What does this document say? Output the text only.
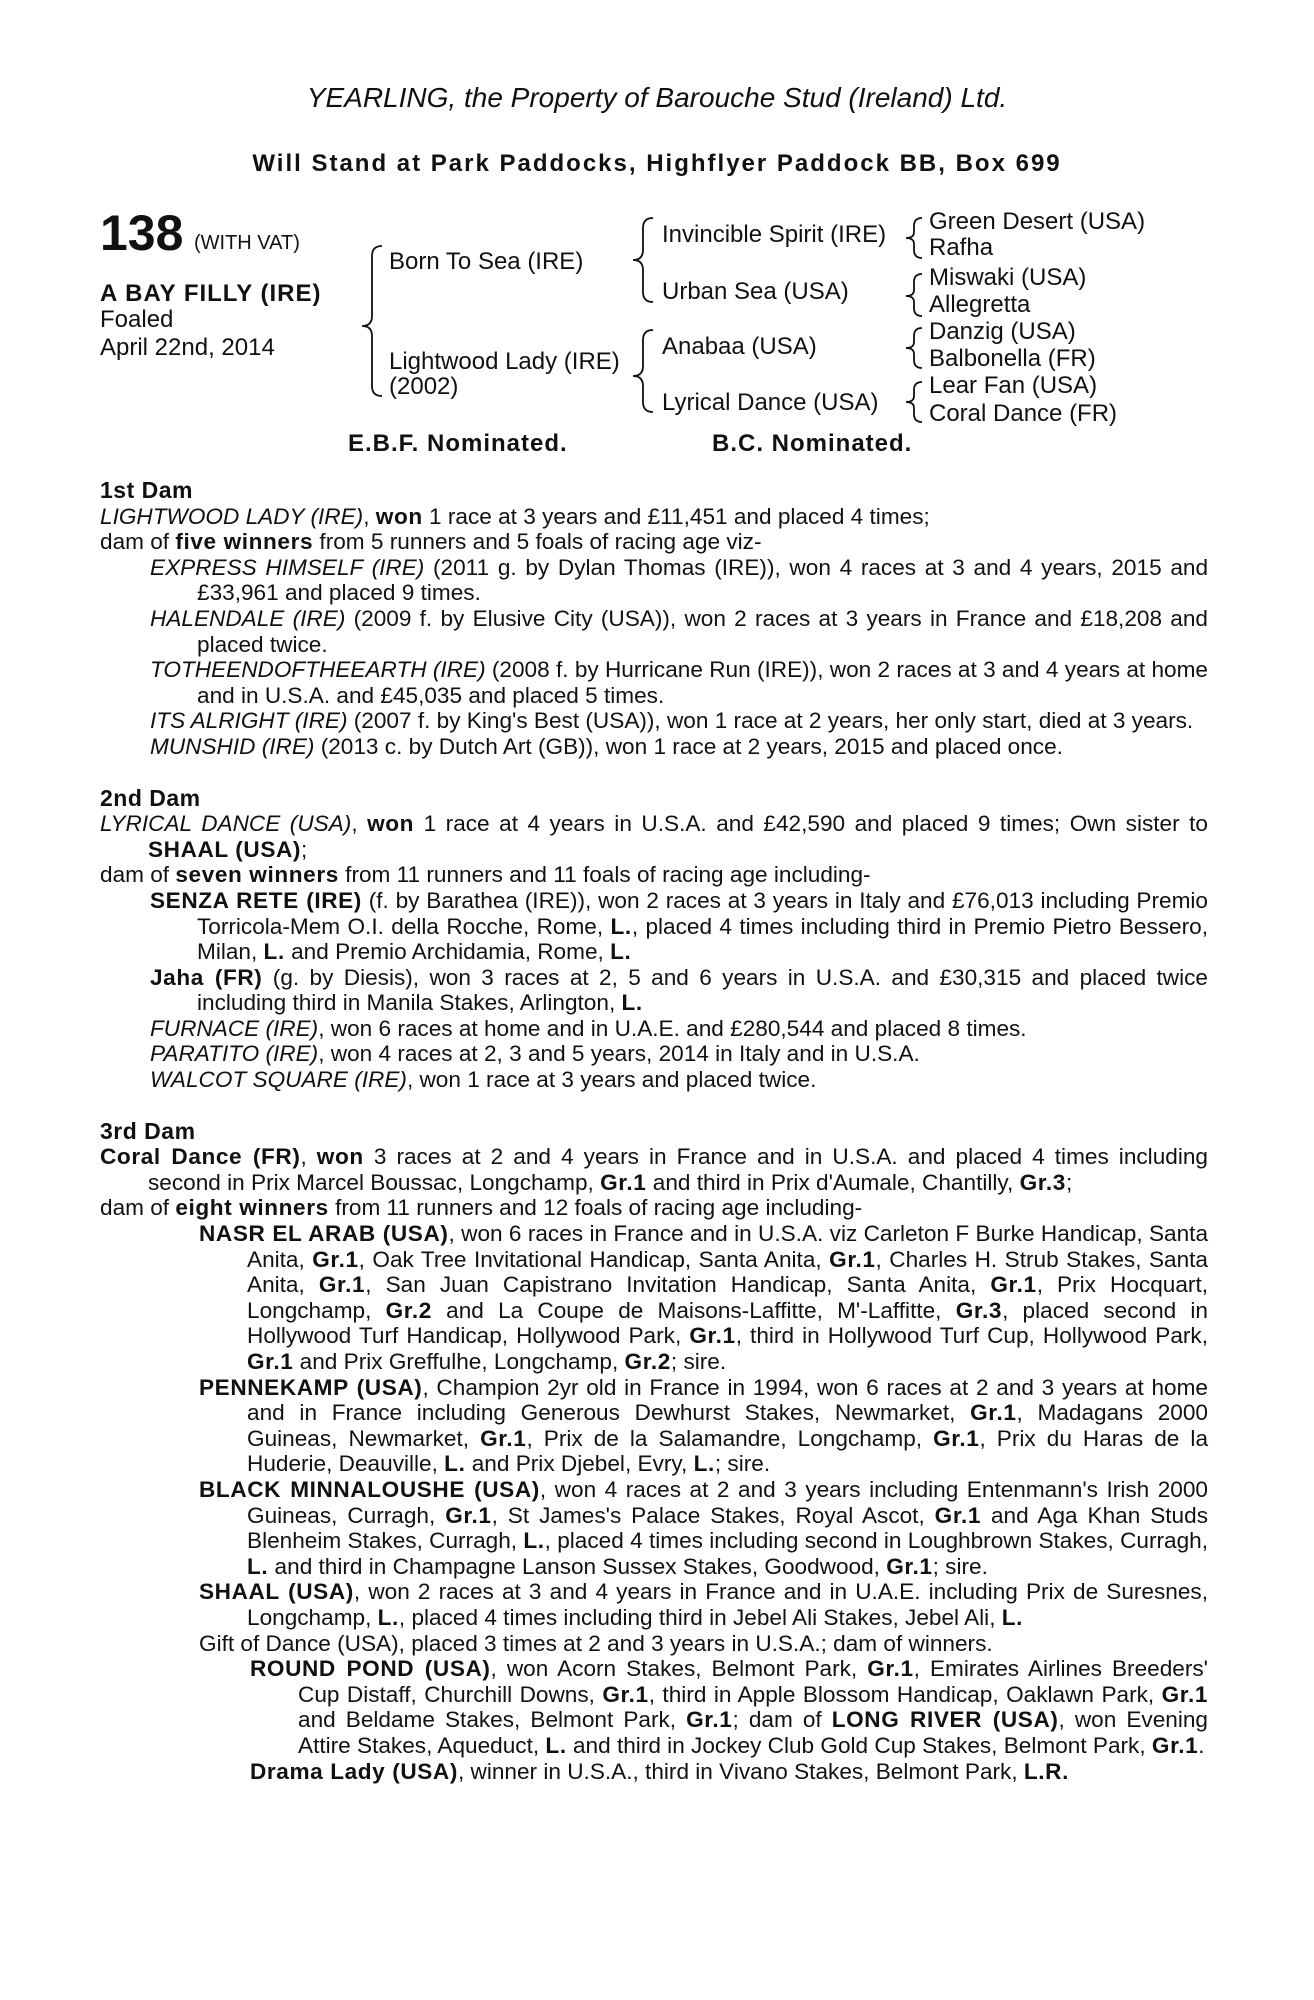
YEARLING, the Property of Barouche Stud (Ireland) Ltd.
Will Stand at Park Paddocks, Highflyer Paddock BB, Box 699
138 (WITH VAT)
A BAY FILLY (IRE)
Foaled
April 22nd, 2014
Born To Sea (IRE)
Lightwood Lady (IRE)
(2002)
Invincible Spirit (IRE)
Urban Sea (USA)
Anabaa (USA)
Lyrical Dance (USA)
Green Desert (USA)
Rafha
Miswaki (USA)
Allegretta
Danzig (USA)
Balbonella (FR)
Lear Fan (USA)
Coral Dance (FR)
E.B.F. Nominated.	B.C. Nominated.
1st Dam
LIGHTWOOD LADY (IRE), won 1 race at 3 years and £11,451 and placed 4 times;
dam of five winners from 5 runners and 5 foals of racing age viz-
EXPRESS HIMSELF (IRE) (2011 g. by Dylan Thomas (IRE)), won 4 races at 3 and 4 years, 2015 and £33,961 and placed 9 times.
HALENDALE (IRE) (2009 f. by Elusive City (USA)), won 2 races at 3 years in France and £18,208 and placed twice.
TOTHEENDOFTHEEARTH (IRE) (2008 f. by Hurricane Run (IRE)), won 2 races at 3 and 4 years at home and in U.S.A. and £45,035 and placed 5 times.
ITS ALRIGHT (IRE) (2007 f. by King's Best (USA)), won 1 race at 2 years, her only start, died at 3 years.
MUNSHID (IRE) (2013 c. by Dutch Art (GB)), won 1 race at 2 years, 2015 and placed once.
2nd Dam
LYRICAL DANCE (USA), won 1 race at 4 years in U.S.A. and £42,590 and placed 9 times; Own sister to SHAAL (USA);
dam of seven winners from 11 runners and 11 foals of racing age including-
SENZA RETE (IRE) (f. by Barathea (IRE)), won 2 races at 3 years in Italy and £76,013 including Premio Torricola-Mem O.I. della Rocche, Rome, L., placed 4 times including third in Premio Pietro Bessero, Milan, L. and Premio Archidamia, Rome, L.
Jaha (FR) (g. by Diesis), won 3 races at 2, 5 and 6 years in U.S.A. and £30,315 and placed twice including third in Manila Stakes, Arlington, L.
FURNACE (IRE), won 6 races at home and in U.A.E. and £280,544 and placed 8 times.
PARATITO (IRE), won 4 races at 2, 3 and 5 years, 2014 in Italy and in U.S.A.
WALCOT SQUARE (IRE), won 1 race at 3 years and placed twice.
3rd Dam
Coral Dance (FR), won 3 races at 2 and 4 years in France and in U.S.A. and placed 4 times including second in Prix Marcel Boussac, Longchamp, Gr.1 and third in Prix d'Aumale, Chantilly, Gr.3;
dam of eight winners from 11 runners and 12 foals of racing age including-
NASR EL ARAB (USA), won 6 races in France and in U.S.A. viz Carleton F Burke Handicap, Santa Anita, Gr.1, Oak Tree Invitational Handicap, Santa Anita, Gr.1, Charles H. Strub Stakes, Santa Anita, Gr.1, San Juan Capistrano Invitation Handicap, Santa Anita, Gr.1, Prix Hocquart, Longchamp, Gr.2 and La Coupe de Maisons-Laffitte, M'-Laffitte, Gr.3, placed second in Hollywood Turf Handicap, Hollywood Park, Gr.1, third in Hollywood Turf Cup, Hollywood Park, Gr.1 and Prix Greffulhe, Longchamp, Gr.2; sire.
PENNEKAMP (USA), Champion 2yr old in France in 1994, won 6 races at 2 and 3 years at home and in France including Generous Dewhurst Stakes, Newmarket, Gr.1, Madagans 2000 Guineas, Newmarket, Gr.1, Prix de la Salamandre, Longchamp, Gr.1, Prix du Haras de la Huderie, Deauville, L. and Prix Djebel, Evry, L.; sire.
BLACK MINNALOUSHE (USA), won 4 races at 2 and 3 years including Entenmann's Irish 2000 Guineas, Curragh, Gr.1, St James's Palace Stakes, Royal Ascot, Gr.1 and Aga Khan Studs Blenheim Stakes, Curragh, L., placed 4 times including second in Loughbrown Stakes, Curragh, L. and third in Champagne Lanson Sussex Stakes, Goodwood, Gr.1; sire.
SHAAL (USA), won 2 races at 3 and 4 years in France and in U.A.E. including Prix de Suresnes, Longchamp, L., placed 4 times including third in Jebel Ali Stakes, Jebel Ali, L.
Gift of Dance (USA), placed 3 times at 2 and 3 years in U.S.A.; dam of winners.
ROUND POND (USA), won Acorn Stakes, Belmont Park, Gr.1, Emirates Airlines Breeders' Cup Distaff, Churchill Downs, Gr.1, third in Apple Blossom Handicap, Oaklawn Park, Gr.1 and Beldame Stakes, Belmont Park, Gr.1; dam of LONG RIVER (USA), won Evening Attire Stakes, Aqueduct, L. and third in Jockey Club Gold Cup Stakes, Belmont Park, Gr.1.
Drama Lady (USA), winner in U.S.A., third in Vivano Stakes, Belmont Park, L.R.
